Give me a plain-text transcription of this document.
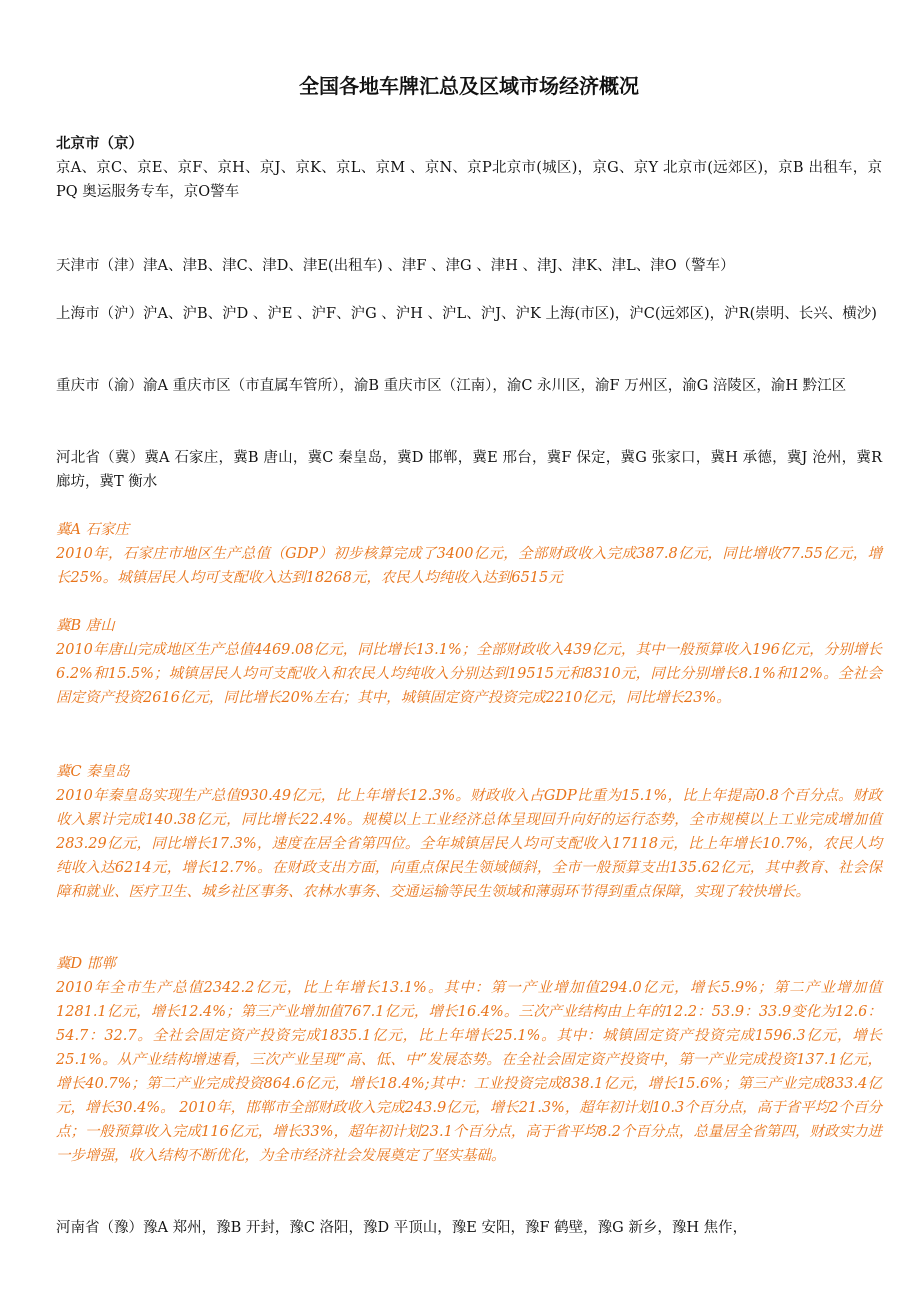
全国各地车牌汇总及区域市场经济概况
北京市（京）
京A、京C、京E、京F、京H、京J、京K、京L、京M 、京N、京P北京市(城区)，京G、京Y 北京市(远郊区)，京B 出租车，京PQ 奥运服务专车，京O警车

天津市（津）津A、津B、津C、津D、津E(出租车) 、津F 、津G 、津H 、津J、津K、津L、津O（警车）

上海市（沪）沪A、沪B、沪D 、沪E 、沪F、沪G 、沪H 、沪L、沪J、沪K 上海(市区)，沪C(远郊区)，沪R(崇明、长兴、横沙)

重庆市（渝）渝A 重庆市区（市直属车管所），渝B 重庆市区（江南），渝C 永川区，渝F 万州区，渝G 涪陵区，渝H 黔江区

河北省（冀）冀A 石家庄，冀B 唐山，冀C 秦皇岛，冀D 邯郸，冀E 邢台，冀F 保定，冀G 张家口，冀H 承德，冀J 沧州，冀R 廊坊，冀T 衡水

冀A 石家庄
2010年，石家庄市地区生产总值（GDP）初步核算完成了3400亿元，全部财政收入完成387.8亿元，同比增收77.55亿元，增长25%。城镇居民人均可支配收入达到18268元，农民人均纯收入达到6515元
冀B 唐山
2010年唐山完成地区生产总值4469.08亿元，同比增长13.1%；全部财政收入439亿元，其中一般预算收入196亿元，分别增长6.2%和15.5%；城镇居民人均可支配收入和农民人均纯收入分别达到19515元和8310元，同比分别增长8.1%和12%。全社会固定资产投资2616亿元，同比增长20%左右；其中，城镇固定资产投资完成2210亿元，同比增长23%。
冀C 秦皇岛
2010年秦皇岛实现生产总值930.49亿元，比上年增长12.3%。财政收入占GDP比重为15.1%，比上年提高0.8个百分点。财政收入累计完成140.38亿元，同比增长22.4%。规模以上工业经济总体呈现回升向好的运行态势，全市规模以上工业完成增加值283.29亿元，同比增长17.3%，速度在居全省第四位。全年城镇居民人均可支配收入17118元，比上年增长10.7%，农民人均纯收入达6214元，增长12.7%。在财政支出方面，向重点保民生领域倾斜，全市一般预算支出135.62亿元，其中教育、社会保障和就业、医疗卫生、城乡社区事务、农林水事务、交通运输等民生领域和薄弱环节得到重点保障，实现了较快增长。
冀D 邯郸
2010年全市生产总值2342.2亿元，比上年增长13.1%。其中：第一产业增加值294.0亿元，增长5.9%；第二产业增加值1281.1亿元，增长12.4%；第三产业增加值767.1亿元，增长16.4%。三次产业结构由上年的12.2：53.9：33.9变化为12.6：54.7：32.7。全社会固定资产投资完成1835.1亿元，比上年增长25.1%。其中：城镇固定资产投资完成1596.3亿元，增长25.1%。从产业结构增速看，三次产业呈现“高、低、中”发展态势。在全社会固定资产投资中，第一产业完成投资137.1亿元，增长40.7%；第二产业完成投资864.6亿元，增长18.4%;其中：工业投资完成838.1亿元，增长15.6%；第三产业完成833.4亿元，增长30.4%。 2010年，邯郸市全部财政收入完成243.9亿元，增长21.3%，超年初计划10.3个百分点，高于省平均2个百分点；一般预算收入完成116亿元，增长33%，超年初计划23.1个百分点，高于省平均8.2个百分点，总量居全省第四，财政实力进一步增强，收入结构不断优化，为全市经济社会发展奠定了坚实基础。

河南省（豫）豫A 郑州，豫B 开封，豫C 洛阳，豫D 平顶山，豫E 安阳，豫F 鹤壁，豫G 新乡，豫H 焦作，
